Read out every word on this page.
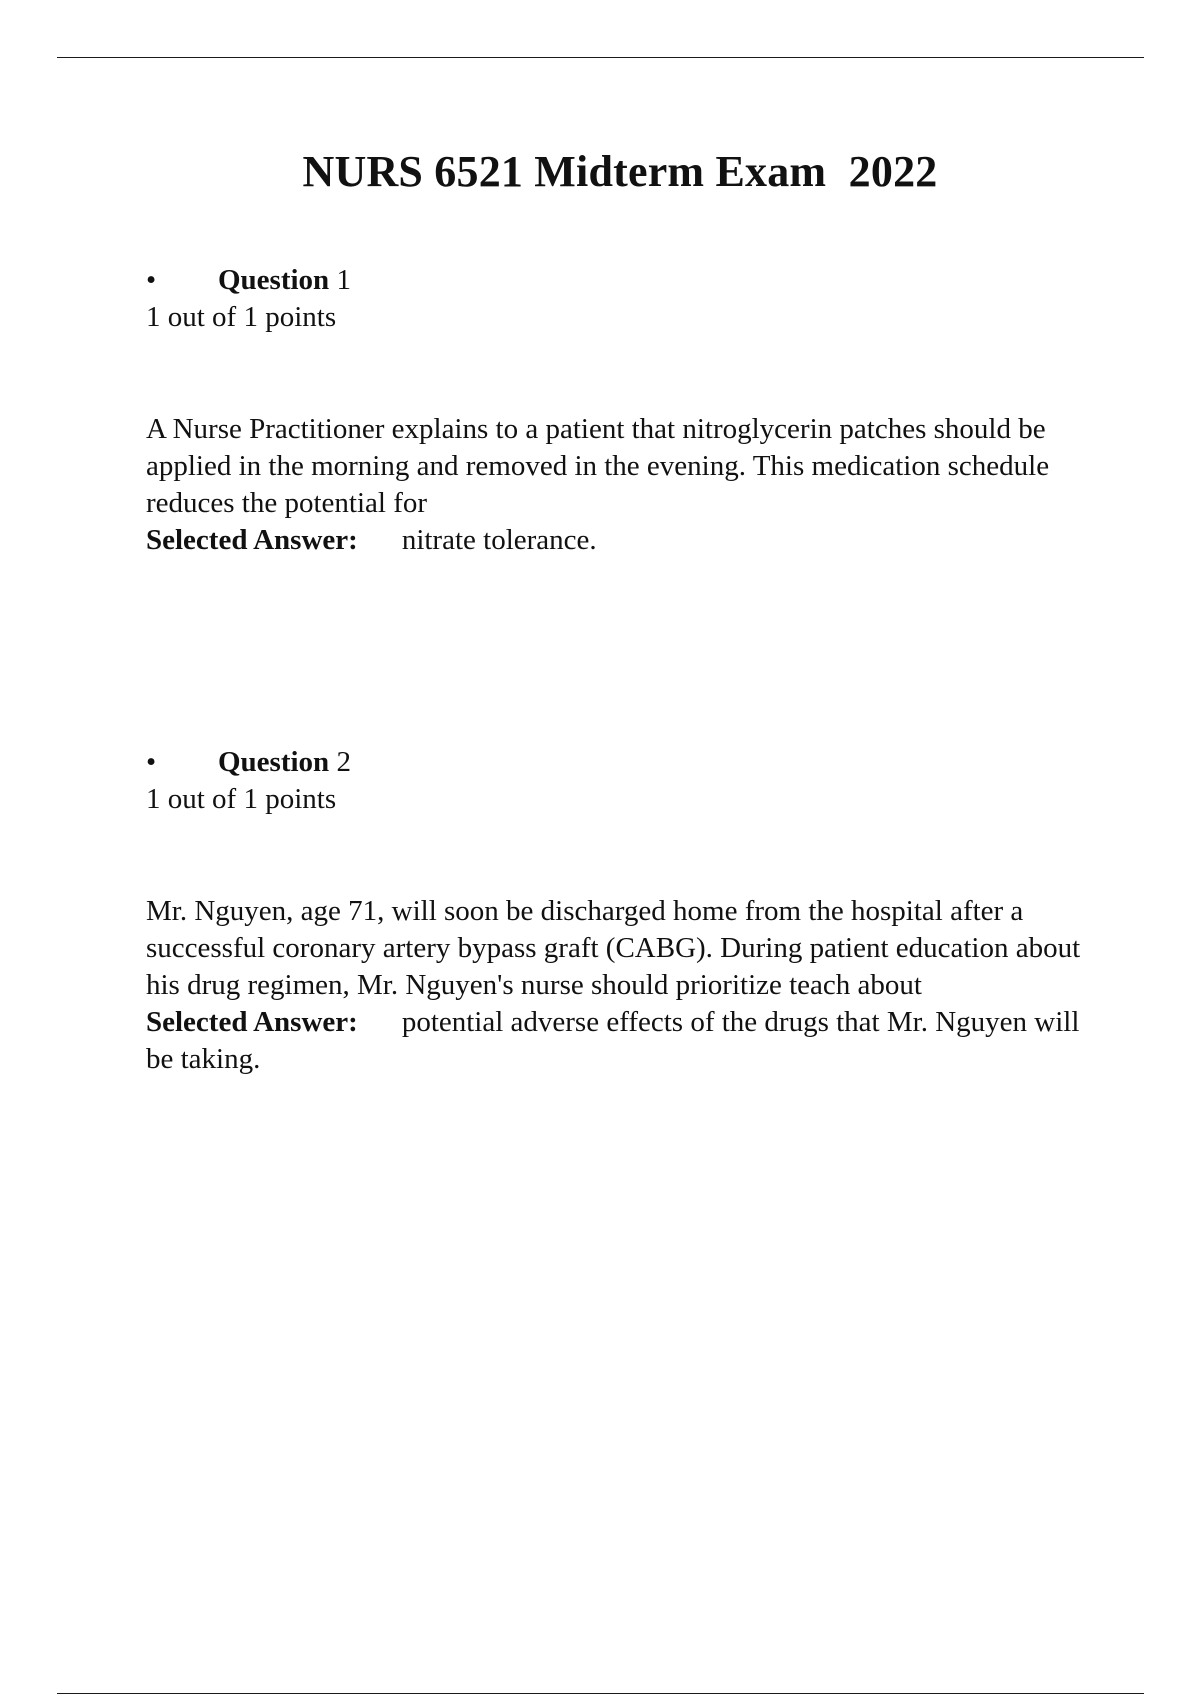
NURS 6521 Midterm Exam  2022
• Question 1
1 out of 1 points
A Nurse Practitioner explains to a patient that nitroglycerin patches should be applied in the morning and removed in the evening. This medication schedule reduces the potential for
Selected Answer: nitrate tolerance.
• Question 2
1 out of 1 points
Mr. Nguyen, age 71, will soon be discharged home from the hospital after a successful coronary artery bypass graft (CABG). During patient education about his drug regimen, Mr. Nguyen's nurse should prioritize teach about
Selected Answer: potential adverse effects of the drugs that Mr. Nguyen will be taking.
